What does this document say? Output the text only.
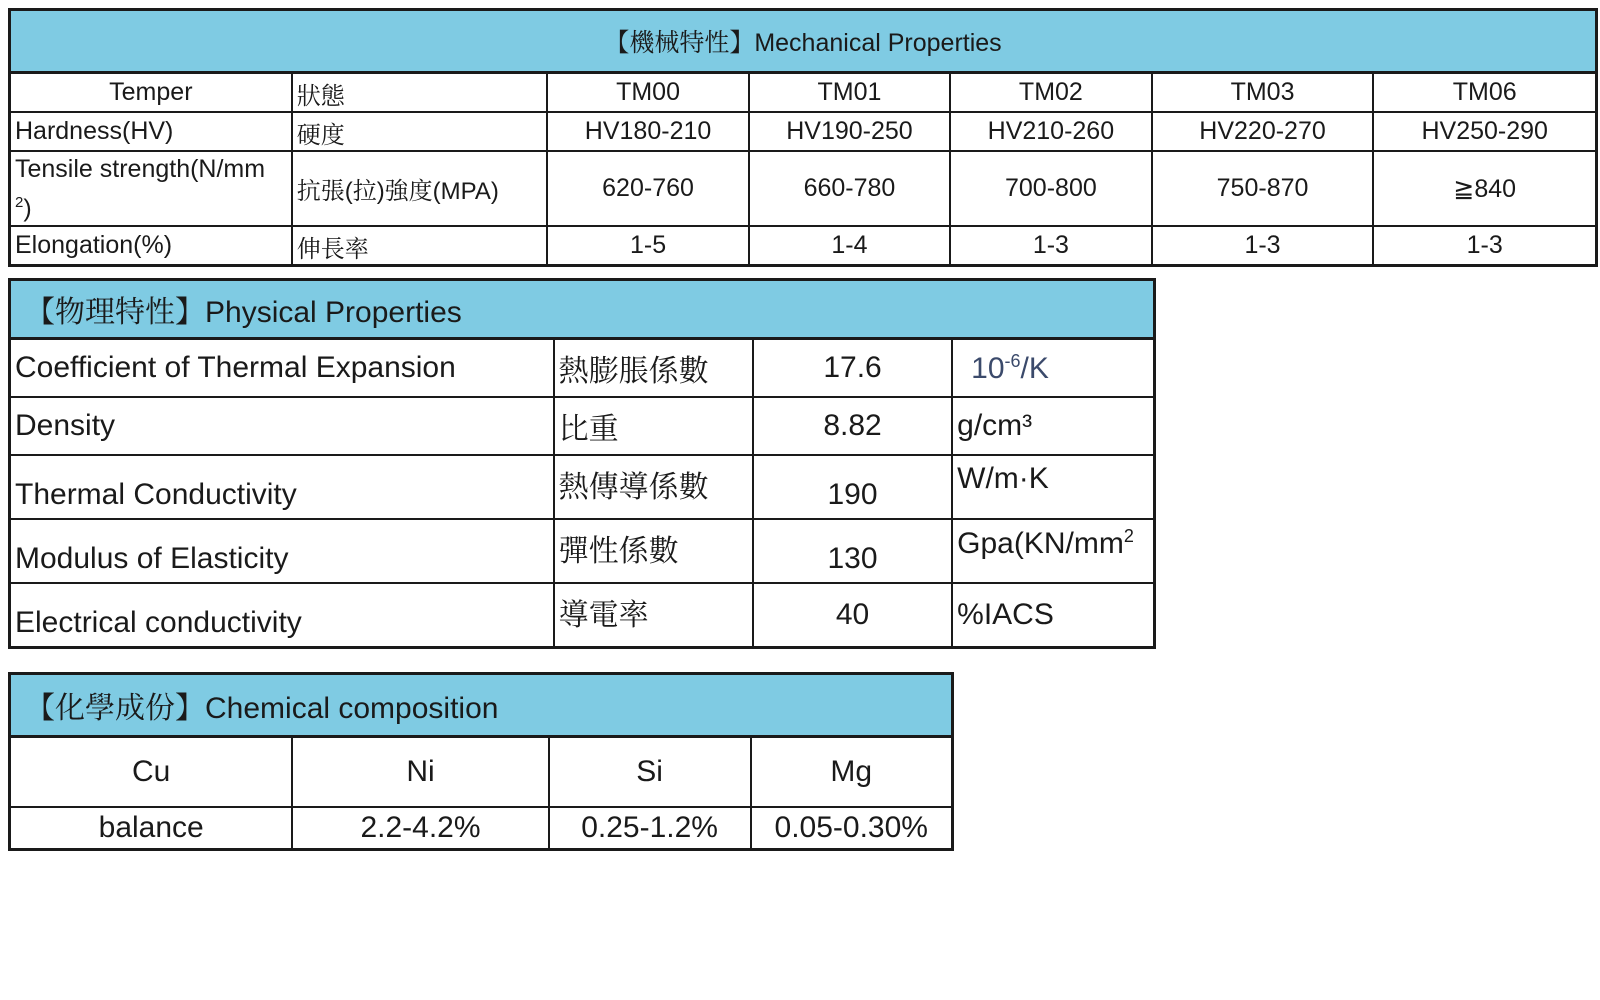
【機械特性】Mechanical Properties						
Temper	狀態	TM00	TM01	TM02	TM03	TM06
Hardness(HV)	硬度	HV180-210	HV190-250	HV210-260	HV220-270	HV250-290
Tensile strength(N/mm
$^2$)	抗張(拉)強度(MPA)	620-760	660-780	700-800	750-870	≧840
Elongation(%)	伸長率	1-5	1-4	1-3	1-3	1-3
【物理特性】Physical Properties			
Coefficient of Thermal Expansion	熱膨脹係數	17.6	$10^{-6}/K$
Density	比重	8.82	g/cm³
Thermal Conductivity	熱傳導係數	190	W/m·K
Modulus of Elasticity	彈性係數	130	$Gpa(KN/mm^2$
Electrical conductivity	導電率	40	%IACS
【化學成份】Chemical composition			
Cu	Ni	Si	Mg
balance	2.2-4.2%	0.25-1.2%	0.05-0.30%
